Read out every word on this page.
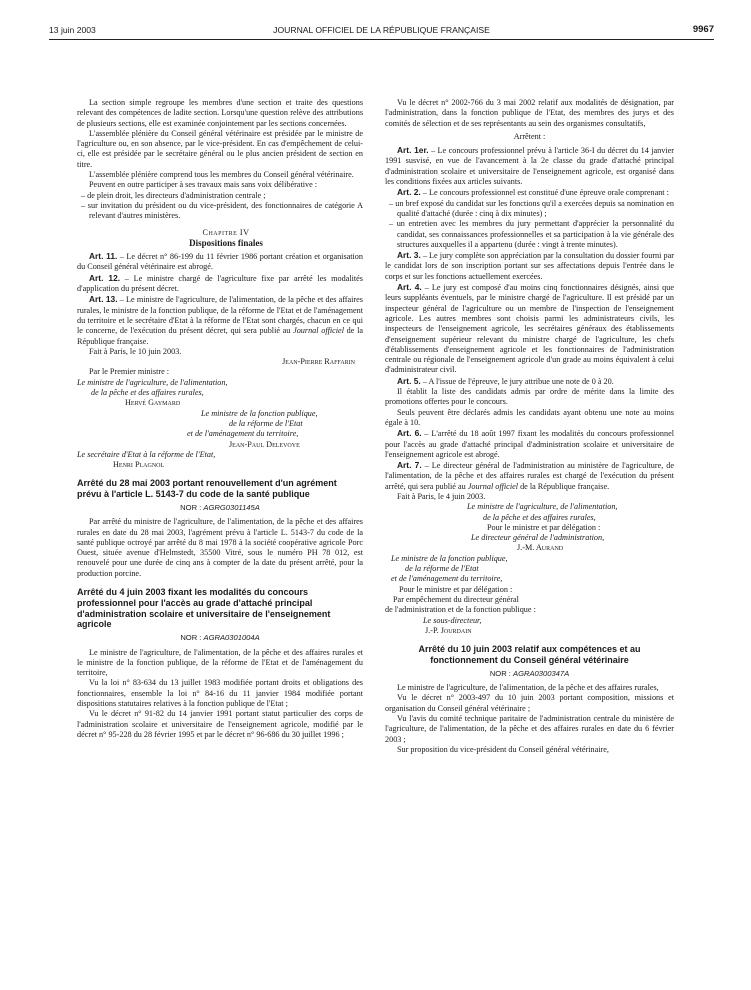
13 juin 2003	JOURNAL OFFICIEL DE LA RÉPUBLIQUE FRANÇAISE	9967

La section simple regroupe les membres d'une section et traite des questions relevant des compétences de ladite section. Lorsqu'une question relève des attributions de plusieurs sections, elle est examinée conjointement par les sections concernées.

L'assemblée plénière du Conseil général vétérinaire est présidée par le ministre de l'agriculture ou, en son absence, par le vice-président. En cas d'empêchement de celui-ci, elle est présidée par le secrétaire général ou le plus ancien président de section en titre.

L'assemblée plénière comprend tous les membres du Conseil général vétérinaire.

Peuvent en outre participer à ses travaux mais sans voix délibérative :

– de plein droit, les directeurs d'administration centrale ;

– sur invitation du président ou du vice-président, des fonctionnaires de catégorie A relevant d'autres ministères.

Chapitre IV

Dispositions finales

Art. 11. – Le décret n° 86-199 du 11 février 1986 portant création et organisation du Conseil général vétérinaire est abrogé.

Art. 12. – Le ministre chargé de l'agriculture fixe par arrêté les modalités d'application du présent décret.

Art. 13. – Le ministre de l'agriculture, de l'alimentation, de la pêche et des affaires rurales, le ministre de la fonction publique, de la réforme de l'Etat et de l'aménagement du territoire et le secrétaire d'Etat à la réforme de l'Etat sont chargés, chacun en ce qui le concerne, de l'exécution du présent décret, qui sera publié au Journal officiel de la République française.

Fait à Paris, le 10 juin 2003.

Jean-Pierre Raffarin

Par le Premier ministre :

Le ministre de l'agriculture, de l'alimentation,

de la pêche et des affaires rurales,

Hervé Gaymard

Le ministre de la fonction publique,

de la réforme de l'Etat

et de l'aménagement du territoire,

Jean-Paul Delevoye

Le secrétaire d'Etat à la réforme de l'Etat,

Henri Plagnol

Arrêté du 28 mai 2003 portant renouvellement d'un agrément prévu à l'article L. 5143-7 du code de la santé publique

NOR : AGRG0301145A

Par arrêté du ministre de l'agriculture, de l'alimentation, de la pêche et des affaires rurales en date du 28 mai 2003, l'agrément prévu à l'article L. 5143-7 du code de la santé publique octroyé par arrêté du 8 mai 1978 à la société coopérative agricole Porc Ouest, située avenue d'Helmstedt, 35500 Vitré, sous le numéro PH 78 012, est renouvelé pour une durée de cinq ans à compter de la date du présent arrêté, pour la production porcine.

Arrêté du 4 juin 2003 fixant les modalités du concours professionnel pour l'accès au grade d'attaché principal d'administration scolaire et universitaire de l'enseignement agricole

NOR : AGRA0301004A

Le ministre de l'agriculture, de l'alimentation, de la pêche et des affaires rurales et le ministre de la fonction publique, de la réforme de l'Etat et de l'aménagement du territoire,

Vu la loi n° 83-634 du 13 juillet 1983 modifiée portant droits et obligations des fonctionnaires, ensemble la loi n° 84-16 du 11 janvier 1984 modifiée portant dispositions statutaires relatives à la fonction publique de l'Etat ;

Vu le décret n° 91-82 du 14 janvier 1991 portant statut particulier des corps de l'administration scolaire et universitaire de l'enseignement agricole, modifié par le décret n° 95-228 du 28 février 1995 et par le décret n° 96-686 du 30 juillet 1996 ;

Vu le décret n° 2002-766 du 3 mai 2002 relatif aux modalités de désignation, par l'administration, dans la fonction publique de l'Etat, des membres des jurys et des comités de sélection et de ses représentants au sein des organismes consultatifs,

Arrêtent :

Art. 1er. – Le concours professionnel prévu à l'article 36-I du décret du 14 janvier 1991 susvisé, en vue de l'avancement à la 2e classe du grade d'attaché principal d'administration scolaire et universitaire de l'enseignement agricole, est organisé dans les conditions fixées aux articles suivants.

Art. 2. – Le concours professionnel est constitué d'une épreuve orale comprenant :

– un bref exposé du candidat sur les fonctions qu'il a exercées depuis sa nomination en qualité d'attaché (durée : cinq à dix minutes) ;

– un entretien avec les membres du jury permettant d'apprécier la personnalité du candidat, ses connaissances professionnelles et sa participation à la vie générale des structures auxquelles il a appartenu (durée : vingt à trente minutes).

Art. 3. – Le jury complète son appréciation par la consultation du dossier fourni par le candidat lors de son inscription portant sur ses affectations depuis l'entrée dans le corps et sur les fonctions actuellement exercées.

Art. 4. – Le jury est composé d'au moins cinq fonctionnaires désignés, ainsi que leurs suppléants éventuels, par le ministre chargé de l'agriculture. Il est présidé par un inspecteur général de l'agriculture ou un membre de l'inspection de l'enseignement agricole. Les autres membres sont choisis parmi les administrateurs civils, les inspecteurs de l'enseignement agricole, les secrétaires généraux des établissements d'enseignement supérieur relevant du ministre chargé de l'agriculture, les chefs d'établissements d'enseignement agricole et les fonctionnaires de l'administration centrale ou régionale de l'enseignement agricole d'un grade au moins équivalent à celui d'administrateur civil.

Art. 5. – A l'issue de l'épreuve, le jury attribue une note de 0 à 20.

Il établit la liste des candidats admis par ordre de mérite dans la limite des promotions offertes pour le concours.

Seuls peuvent être déclarés admis les candidats ayant obtenu une note au moins égale à 10.

Art. 6. – L'arrêté du 18 août 1997 fixant les modalités du concours professionnel pour l'accès au grade d'attaché principal d'administration scolaire et universitaire de l'enseignement agricole est abrogé.

Art. 7. – Le directeur général de l'administration au ministère de l'agriculture, de l'alimentation, de la pêche et des affaires rurales est chargé de l'exécution du présent arrêté, qui sera publié au Journal officiel de la République française.

Fait à Paris, le 4 juin 2003.

Le ministre de l'agriculture, de l'alimentation,

de la pêche et des affaires rurales,

Pour le ministre et par délégation :

Le directeur général de l'administration,

J.-M. Aurand

Le ministre de la fonction publique,

de la réforme de l'Etat

et de l'aménagement du territoire,

Pour le ministre et par délégation :

Par empêchement du directeur général

de l'administration et de la fonction publique :

Le sous-directeur,

J.-P. Jourdain

Arrêté du 10 juin 2003 relatif aux compétences et au fonctionnement du Conseil général vétérinaire

NOR : AGRA0300347A

Le ministre de l'agriculture, de l'alimentation, de la pêche et des affaires rurales,

Vu le décret n° 2003-497 du 10 juin 2003 portant composition, missions et organisation du Conseil général vétérinaire ;

Vu l'avis du comité technique paritaire de l'administration centrale du ministère de l'agriculture, de l'alimentation, de la pêche et des affaires rurales en date du 6 février 2003 ;

Sur proposition du vice-président du Conseil général vétérinaire,
